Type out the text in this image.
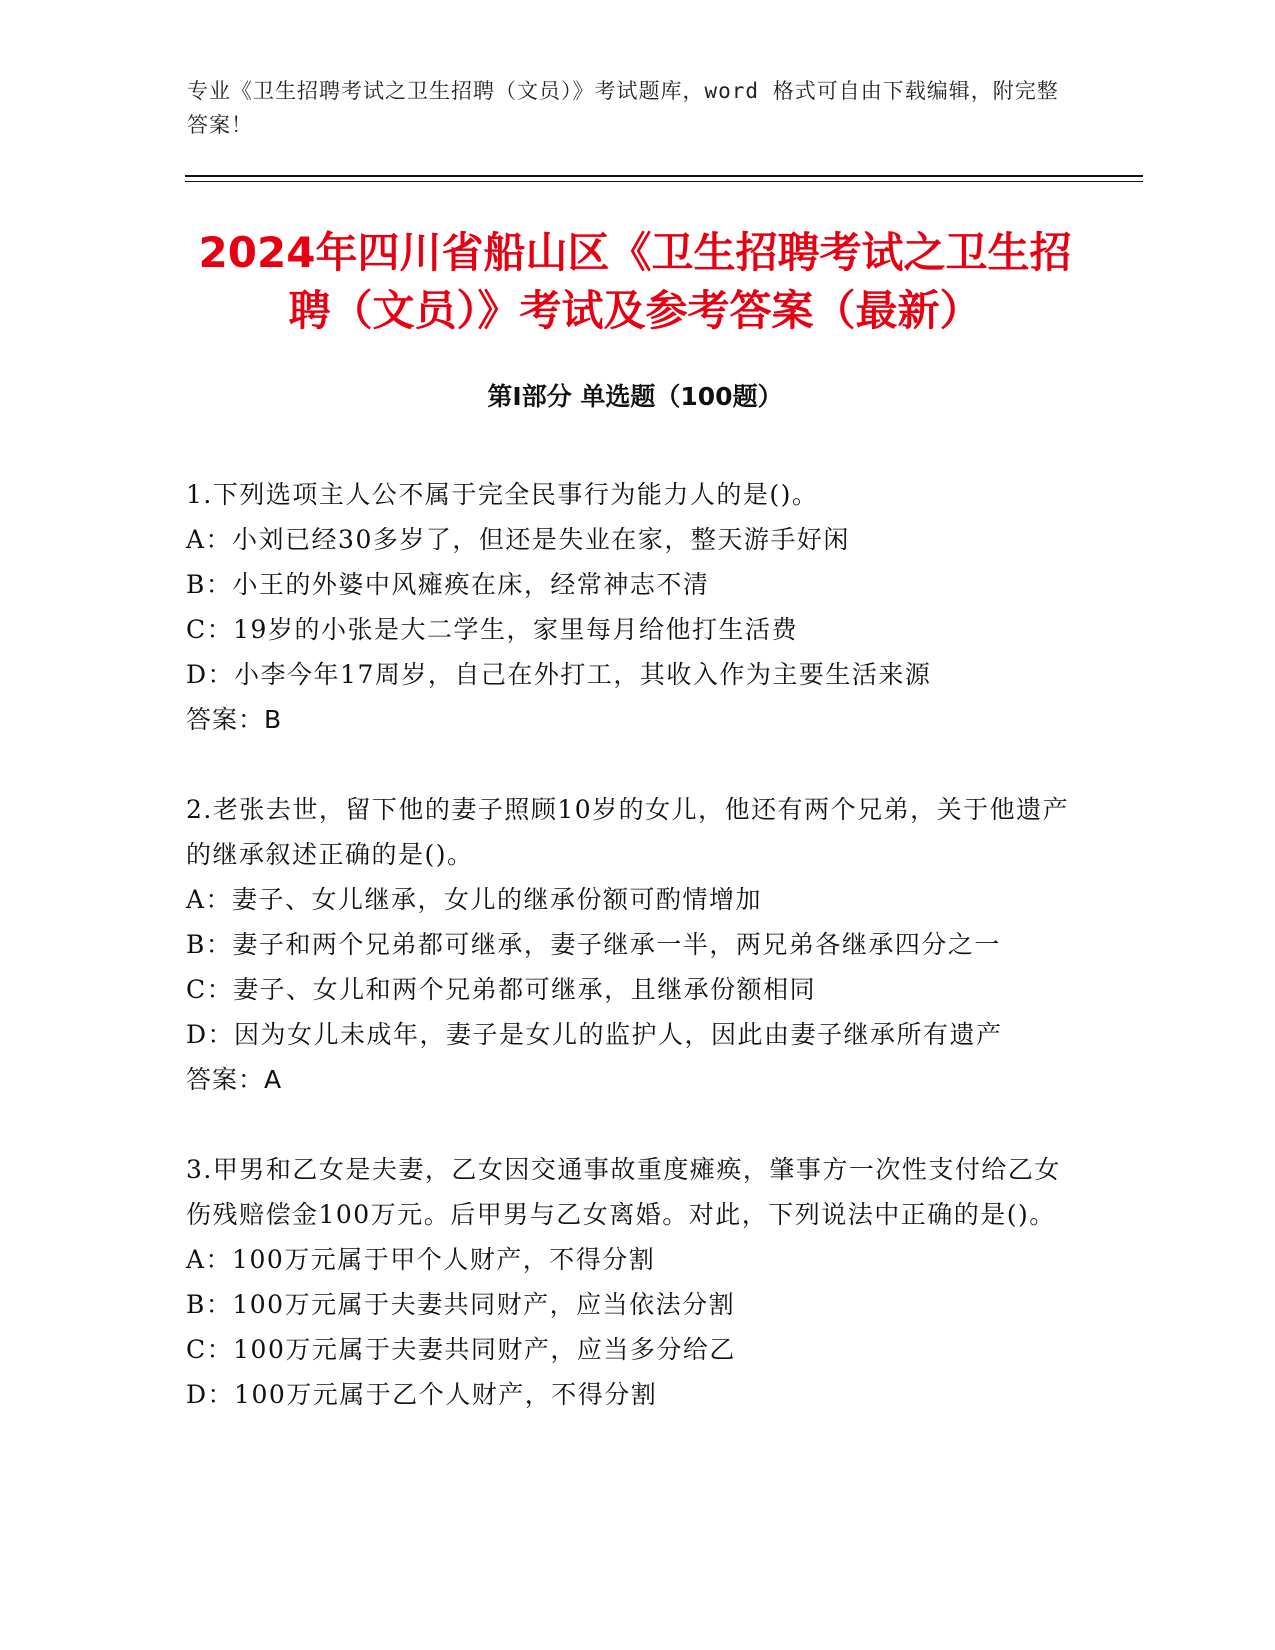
专业《卫生招聘考试之卫生招聘（文员）》考试题库，word 格式可自由下载编辑，附完整答案！
2024年四川省船山区《卫生招聘考试之卫生招聘（文员）》考试及参考答案（最新）
第Ⅰ部分 单选题（100题）
1.下列选项主人公不属于完全民事行为能力人的是()。
A：小刘已经30多岁了，但还是失业在家，整天游手好闲
B：小王的外婆中风瘫痪在床，经常神志不清
C：19岁的小张是大二学生，家里每月给他打生活费
D：小李今年17周岁，自己在外打工，其收入作为主要生活来源
答案：B
2.老张去世，留下他的妻子照顾10岁的女儿，他还有两个兄弟，关于他遗产的继承叙述正确的是()。
A：妻子、女儿继承，女儿的继承份额可酌情增加
B：妻子和两个兄弟都可继承，妻子继承一半，两兄弟各继承四分之一
C：妻子、女儿和两个兄弟都可继承，且继承份额相同
D：因为女儿未成年，妻子是女儿的监护人，因此由妻子继承所有遗产
答案：A
3.甲男和乙女是夫妻，乙女因交通事故重度瘫痪，肇事方一次性支付给乙女伤残赔偿金100万元。后甲男与乙女离婚。对此，下列说法中正确的是()。
A：100万元属于甲个人财产，不得分割
B：100万元属于夫妻共同财产，应当依法分割
C：100万元属于夫妻共同财产，应当多分给乙
D：100万元属于乙个人财产，不得分割
